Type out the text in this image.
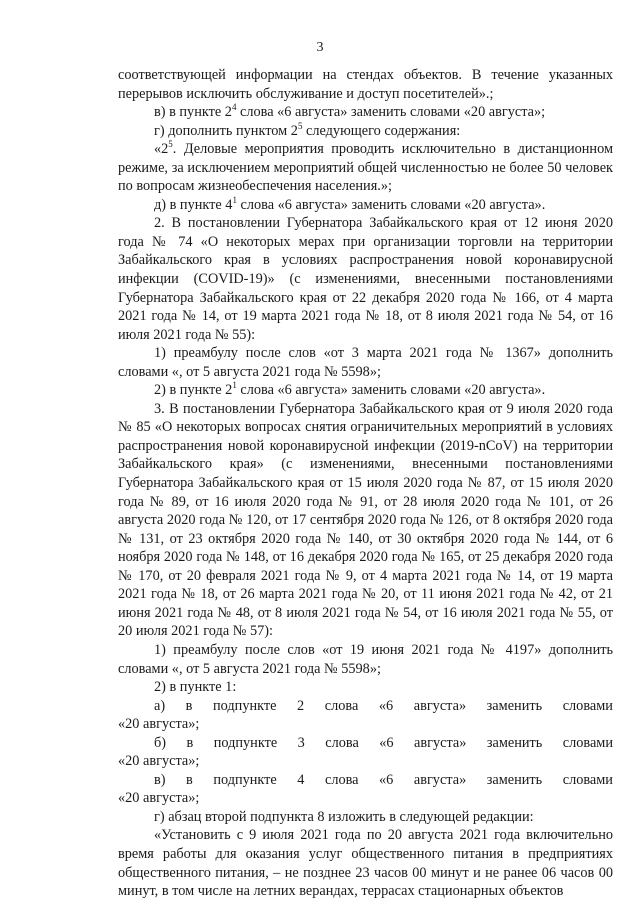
3

соответствующей информации на стендах объектов. В течение указанных перерывов исключить обслуживание и доступ посетителей».;

в) в пункте $2^4$ слова «6 августа» заменить словами «20 августа»;

г) дополнить пунктом $2^5$ следующего содержания:

«$2^5$. Деловые мероприятия проводить исключительно в дистанционном режиме, за исключением мероприятий общей численностью не более 50 человек по вопросам жизнеобеспечения населения.»;

д) в пункте $4^1$ слова «6 августа» заменить словами «20 августа».

2. В постановлении Губернатора Забайкальского края от 12 июня 2020 года № 74 «О некоторых мерах при организации торговли на территории Забайкальского края в условиях распространения новой коронавирусной инфекции (COVID-19)» (с изменениями, внесенными постановлениями Губернатора Забайкальского края от 22 декабря 2020 года № 166, от 4 марта 2021 года № 14, от 19 марта 2021 года № 18, от 8 июля 2021 года № 54, от 16 июля 2021 года № 55):

1) преамбулу после слов «от 3 марта 2021 года № 1367» дополнить словами «, от 5 августа 2021 года № 5598»;

2) в пункте $2^1$ слова «6 августа» заменить словами «20 августа».

3. В постановлении Губернатора Забайкальского края от 9 июля 2020 года № 85 «О некоторых вопросах снятия ограничительных мероприятий в условиях распространения новой коронавирусной инфекции (2019-nCoV) на территории Забайкальского края» (с изменениями, внесенными постановлениями Губернатора Забайкальского края от 15 июля 2020 года № 87, от 15 июля 2020 года № 89, от 16 июля 2020 года № 91, от 28 июля 2020 года № 101, от 26 августа 2020 года № 120, от 17 сентября 2020 года № 126, от 8 октября 2020 года № 131, от 23 октября 2020 года № 140, от 30 октября 2020 года № 144, от 6 ноября 2020 года № 148, от 16 декабря 2020 года № 165, от 25 декабря 2020 года № 170, от 20 февраля 2021 года № 9, от 4 марта 2021 года № 14, от 19 марта 2021 года № 18, от 26 марта 2021 года № 20, от 11 июня 2021 года № 42, от 21 июня 2021 года № 48, от 8 июля 2021 года № 54, от 16 июля 2021 года № 55, от 20 июля 2021 года № 57):

1) преамбулу после слов «от 19 июня 2021 года № 4197» дополнить словами «, от 5 августа 2021 года № 5598»;

2) в пункте 1:

а) в подпункте 2 слова «6 августа» заменить словами

«20 августа»;

б) в подпункте 3 слова «6 августа» заменить словами

«20 августа»;

в) в подпункте 4 слова «6 августа» заменить словами

«20 августа»;

г) абзац второй подпункта 8 изложить в следующей редакции:

«Установить с 9 июля 2021 года по 20 августа 2021 года включительно время работы для оказания услуг общественного питания в предприятиях общественного питания, – не позднее 23 часов 00 минут и не ранее 06 часов 00 минут, в том числе на летних верандах, террасах стационарных объектов
